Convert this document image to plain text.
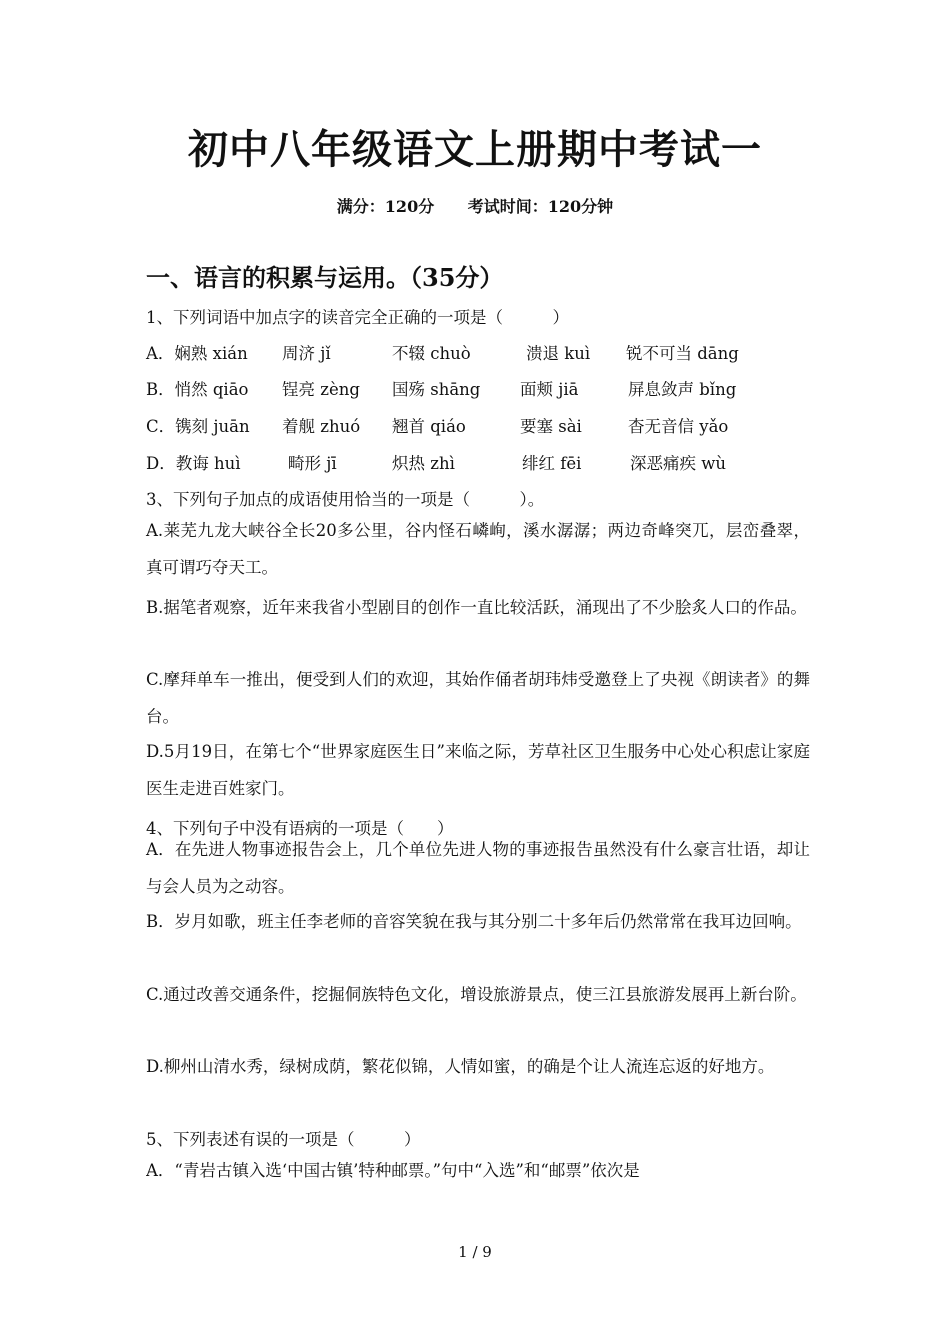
初中八年级语文上册期中考试一
满分：120分 考试时间：120分钟
一、语言的积累与运用。（35分）
1、下列词语中加点字的读音完全正确的一项是（　　　）
A．娴熟 xián 周济 jǐ	不辍 chuò	溃退 kuì 锐不可当 dāng
B．悄然 qiāo 锃亮 zèng 国殇 shāng 面颊 jiā	屏息敛声 bǐng
C．镌刻 juān 着舰 zhuó 翘首 qiáo	要塞 sài	杳无音信 yǎo
D．教诲 huì	畸形 jī	炽热 zhì	绯红 fēi	深恶痛疾 wù
3、下列句子加点的成语使用恰当的一项是（　　　）。
A.莱芜九龙大峡谷全长20多公里，谷内怪石嶙峋，溪水潺潺；两边奇峰突兀，层峦叠翠，真可谓巧夺天工。
B.据笔者观察，近年来我省小型剧目的创作一直比较活跃，涌现出了不少脍炙人口的作品。
C.摩拜单车一推出，便受到人们的欢迎，其始作俑者胡玮炜受邀登上了央视《朗读者》的舞台。
D.5月19日，在第七个“世界家庭医生日”来临之际，芳草社区卫生服务中心处心积虑让家庭医生走进百姓家门。
4、下列句子中没有语病的一项是（　　）
A．在先进人物事迹报告会上，几个单位先进人物的事迹报告虽然没有什么豪言壮语，却让与会人员为之动容。
B．岁月如歌，班主任李老师的音容笑貌在我与其分别二十多年后仍然常常在我耳边回响。
C.通过改善交通条件，挖掘侗族特色文化，增设旅游景点，使三江县旅游发展再上新台阶。
D.柳州山清水秀，绿树成荫，繁花似锦，人情如蜜，的确是个让人流连忘返的好地方。
5、下列表述有误的一项是（　　　）
A．“青岩古镇入选‘中国古镇’特种邮票。”句中“入选”和“邮票”依次是
1 / 9
